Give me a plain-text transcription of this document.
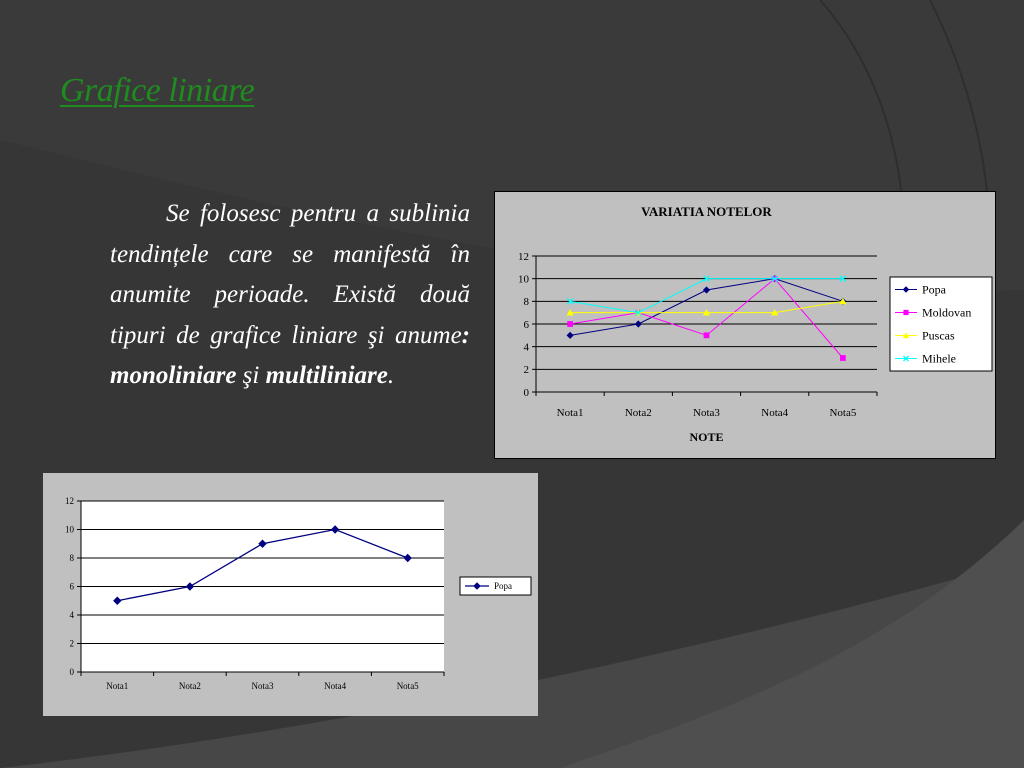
Grafice liniare
Se folosesc pentru a sublinia tendințele care se manifestă în anumite perioade. Există două tipuri de grafice liniare şi anume: monoliniare şi multiliniare.
0
2
4
6
8
10
12
Nota1	Nota2	Nota3	Nota4	Nota5
VARIATIA NOTELOR
NOTE
Popa
Moldovan
Puscas
Mihele
0
2
4
6
8
10
12
Nota1	Nota2	Nota3	Nota4	Nota5
Popa
